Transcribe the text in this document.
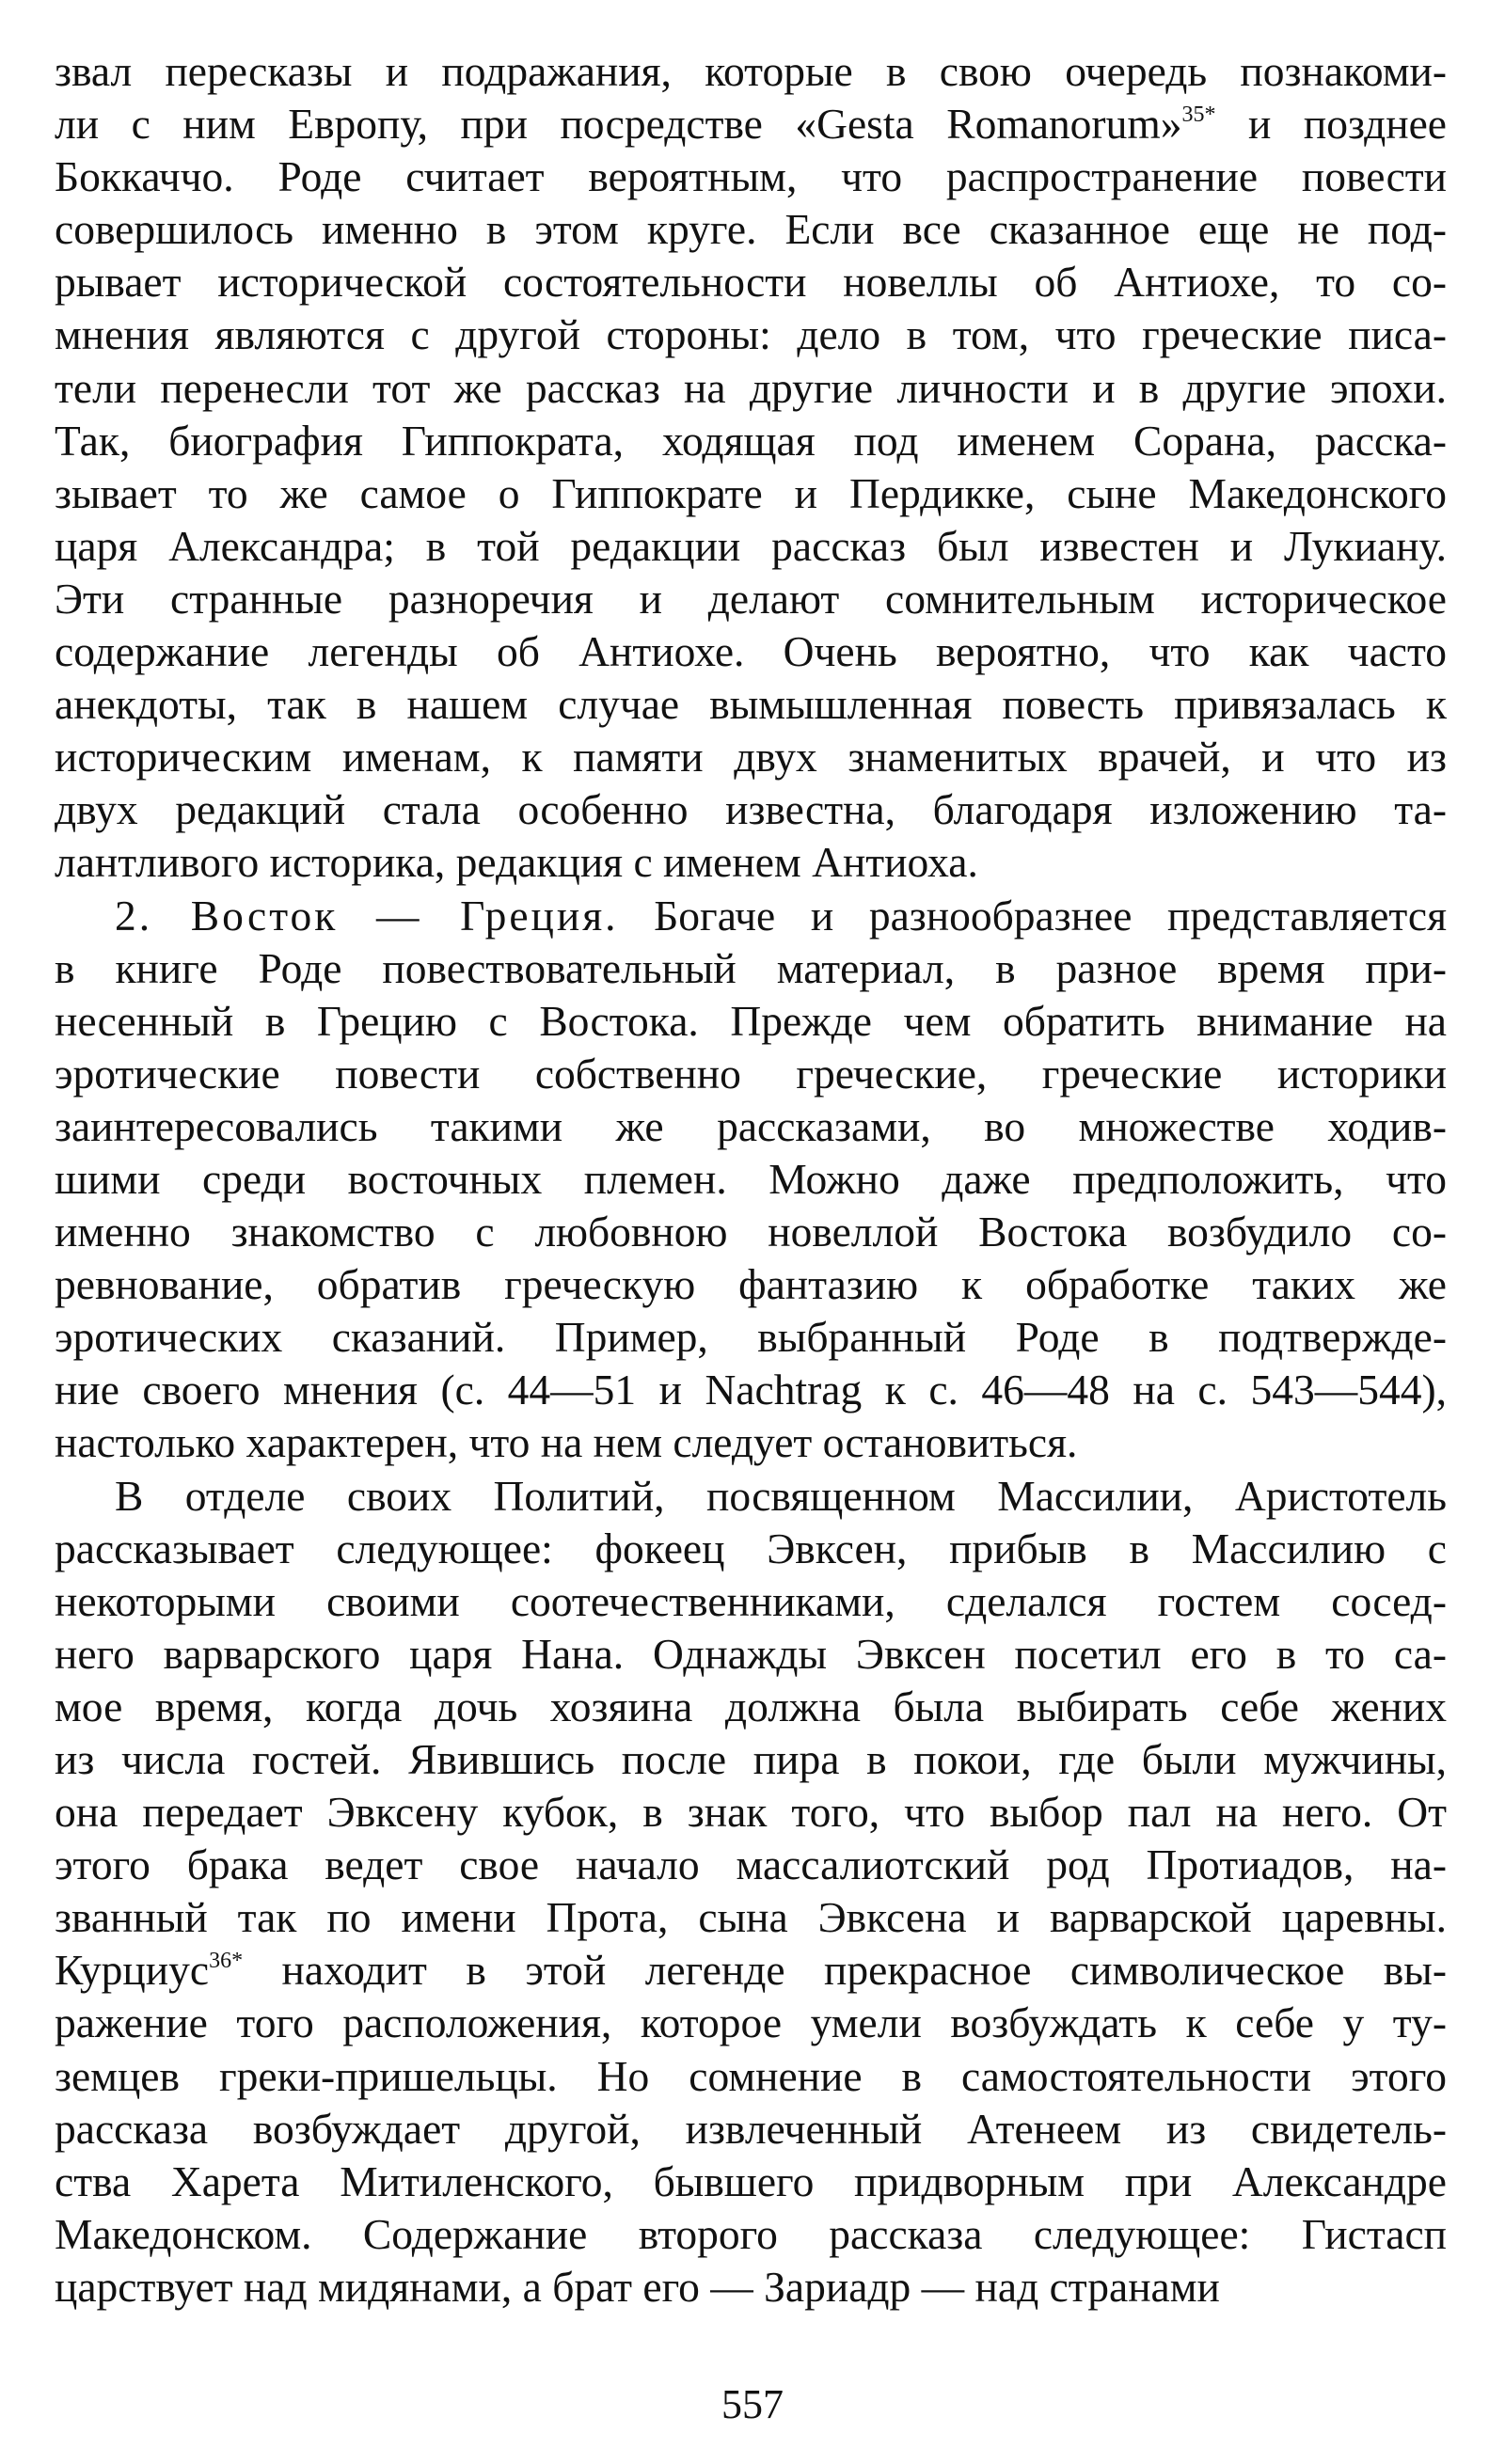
звал пересказы и подражания, которые в свою очередь познакоми-
ли с ним Европу, при посредстве «Gesta Romanorum»$^{35*}$ и позднее
Боккаччо. Роде считает вероятным, что распространение повести
совершилось именно в этом круге. Если все сказанное еще не под-
рывает исторической состоятельности новеллы об Антиохе, то со-
мнения являются с другой стороны: дело в том, что греческие писа-
тели перенесли тот же рассказ на другие личности и в другие эпохи.
Так, биография Гиппократа, ходящая под именем Сорана, расска-
зывает то же самое о Гиппократе и Пердикке, сыне Македонского
царя Александра; в той редакции рассказ был известен и Лукиану.
Эти странные разноречия и делают сомнительным историческое
содержание легенды об Антиохе. Очень вероятно, что как часто
анекдоты, так в нашем случае вымышленная повесть привязалась к
историческим именам, к памяти двух знаменитых врачей, и что из
двух редакций стала особенно известна, благодаря изложению та-
лантливого историка, редакция с именем Антиоха.
2. Восток — Греция. Богаче и разнообразнее представляется
в книге Роде повествовательный материал, в разное время при-
несенный в Грецию с Востока. Прежде чем обратить внимание на
эротические повести собственно греческие, греческие историки
заинтересовались такими же рассказами, во множестве ходив-
шими среди восточных племен. Можно даже предположить, что
именно знакомство с любовною новеллой Востока возбудило со-
ревнование, обратив греческую фантазию к обработке таких же
эротических сказаний. Пример, выбранный Роде в подтвержде-
ние своего мнения (с. 44—51 и Nachtrag к с. 46—48 на с. 543—544),
настолько характерен, что на нем следует остановиться.
В отделе своих Политий, посвященном Массилии, Аристотель
рассказывает следующее: фокеец Эвксен, прибыв в Массилию с
некоторыми своими соотечественниками, сделался гостем сосед-
него варварского царя Нана. Однажды Эвксен посетил его в то са-
мое время, когда дочь хозяина должна была выбирать себе жених
из числа гостей. Явившись после пира в покои, где были мужчины,
она передает Эвксену кубок, в знак того, что выбор пал на него. От
этого брака ведет свое начало массалиотский род Протиадов, на-
званный так по имени Прота, сына Эвксена и варварской царевны.
Курциус$^{36*}$ находит в этой легенде прекрасное символическое вы-
ражение того расположения, которое умели возбуждать к себе у ту-
земцев греки-пришельцы. Но сомнение в самостоятельности этого
рассказа возбуждает другой, извлеченный Атенеем из свидетель-
ства Харета Митиленского, бывшего придворным при Александре
Македонском. Содержание второго рассказа следующее: Гистасп
царствует над мидянами, а брат его — Зариадр — над странами
557
